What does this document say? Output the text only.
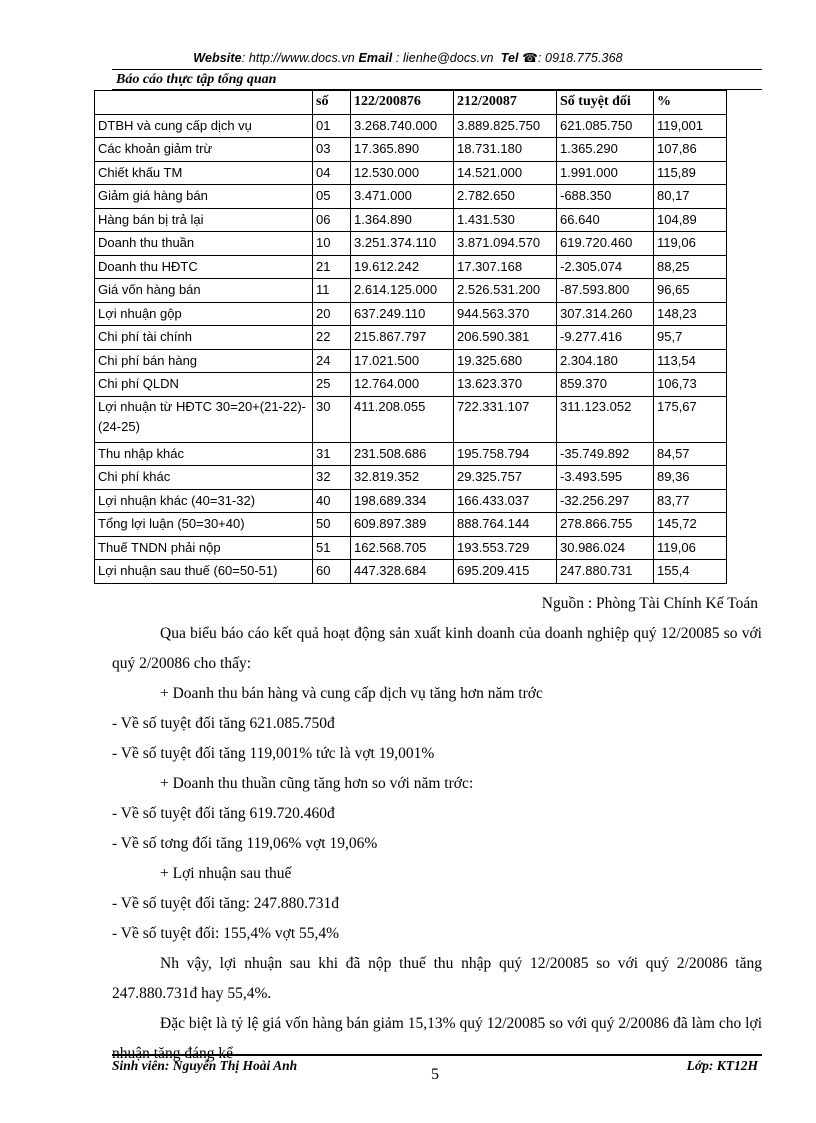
Website: http://www.docs.vn Email : lienhe@docs.vn Tel ☎: 0918.775.368
Báo cáo thực tập tổng quan
	số	122/200876	212/20087	Số tuyệt đối	%
DTBH và cung cấp dịch vụ	01	3.268.740.000	3.889.825.750	621.085.750	119,001
Các khoản giảm trừ	03	17.365.890	18.731.180	1.365.290	107,86
Chiết khấu TM	04	12.530.000	14.521.000	1.991.000	115,89
Giảm giá hàng bán	05	3.471.000	2.782.650	-688.350	80,17
Hàng bán bị trả lại	06	1.364.890	1.431.530	66.640	104,89
Doanh thu thuần	10	3.251.374.110	3.871.094.570	619.720.460	119,06
Doanh thu HĐTC	21	19.612.242	17.307.168	-2.305.074	88,25
Giá vốn hàng bán	11	2.614.125.000	2.526.531.200	-87.593.800	96,65
Lợi nhuận gộp	20	637.249.110	944.563.370	307.314.260	148,23
Chi phí tài chính	22	215.867.797	206.590.381	-9.277.416	95,7
Chi phí bán hàng	24	17.021.500	19.325.680	2.304.180	113,54
Chi phí QLDN	25	12.764.000	13.623.370	859.370	106,73
Lợi nhuận từ HĐTC 30=20+(21-22)-(24-25)	30	411.208.055	722.331.107	311.123.052	175,67
Thu nhập khác	31	231.508.686	195.758.794	-35.749.892	84,57
Chi phí khác	32	32.819.352	29.325.757	-3.493.595	89,36
Lợi nhuận khác (40=31-32)	40	198.689.334	166.433.037	-32.256.297	83,77
Tổng lợi luận (50=30+40)	50	609.897.389	888.764.144	278.866.755	145,72
Thuế TNDN phải nộp	51	162.568.705	193.553.729	30.986.024	119,06
Lợi nhuận sau thuế (60=50-51)	60	447.328.684	695.209.415	247.880.731	155,4
Nguồn : Phòng Tài Chính Kế Toán

Qua biểu báo cáo kết quả hoạt động sản xuất kinh doanh của doanh nghiệp quý 12/20085 so với quý 2/20086 cho thấy:

+ Doanh thu bán hàng và cung cấp dịch vụ tăng hơn năm trớc

- Về số tuyệt đối tăng 621.085.750đ

- Về số tuyệt đối tăng 119,001% tức là vợt 19,001%

+ Doanh thu thuần cũng tăng hơn so với năm trớc:

- Về số tuyệt đối tăng 619.720.460đ

- Về số tơng đối tăng 119,06% vợt 19,06%

+ Lợi nhuận sau thuế

- Về số tuyệt đối tăng: 247.880.731đ

- Về số tuyệt đối: 155,4% vợt 55,4%

Nh vậy, lợi nhuận sau khi đã nộp thuế thu nhập quý 12/20085 so với quý 2/20086 tăng 247.880.731đ hay 55,4%.

Đặc biệt là tỷ lệ giá vốn hàng bán giảm 15,13% quý 12/20085 so với quý 2/20086 đã làm cho lợi nhuận tăng đáng kể

Sinh viên: Nguyễn Thị Hoài Anh
5
Lớp: KT12H
